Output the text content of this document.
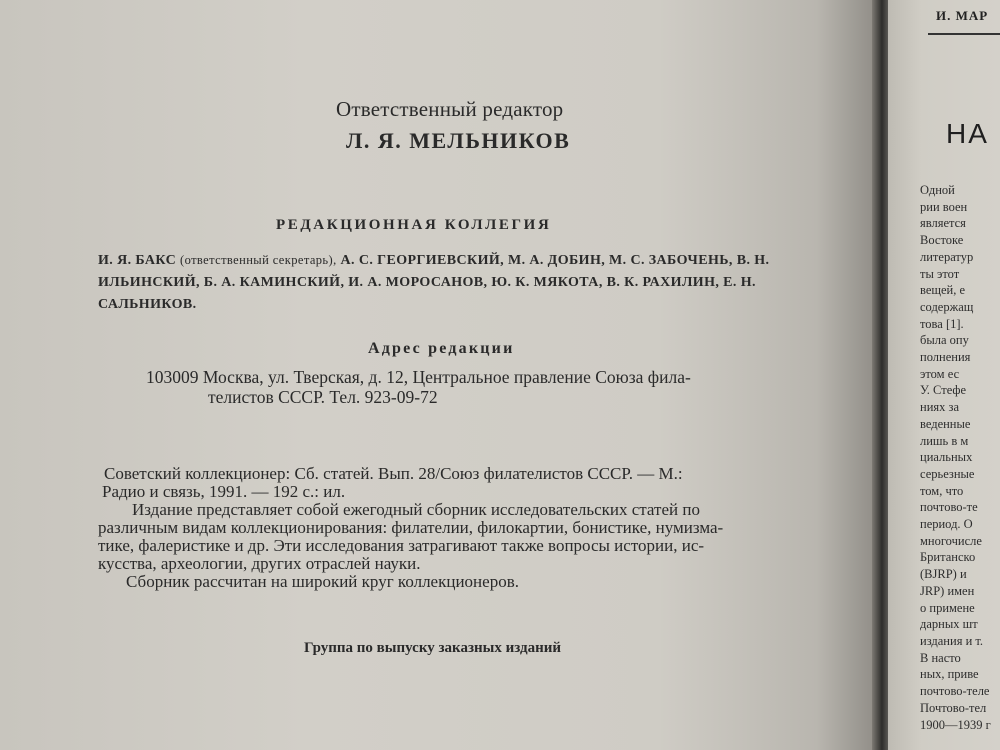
Ответственный редактор

Л. Я. МЕЛЬНИКОВ

РЕДАКЦИОННАЯ КОЛЛЕГИЯ

И. Я. БАКС (ответственный секретарь), А. С. ГЕОРГИЕВСКИЙ, М. А. ДОБИН, М. С. ЗАБОЧЕНЬ, В. Н. ИЛЬИНСКИЙ, Б. А. КАМИНСКИЙ, И. А. МОРОСАНОВ, Ю. К. МЯКОТА, В. К. РАХИЛИН, Е. Н. САЛЬНИКОВ.

Адрес редакции

103009 Москва, ул. Тверская, д. 12, Центральное правление Союза фила-

телистов СССР. Тел. 923-09-72

Советский коллекционер: Сб. статей. Вып. 28/Союз филателистов СССР. — М.:
Радио и связь, 1991. — 192 с.: ил.
Издание представляет собой ежегодный сборник исследовательских статей по
различным видам коллекционирования: филателии, филокартии, бонистике, нумизма-
тике, фалеристике и др. Эти исследования затрагивают также вопросы истории, ис-
кусства, археологии, других отраслей науки.
Сборник рассчитан на широкий круг коллекционеров.

Группа по выпуску заказных изданий

И. МАР

НА

Одной
рии воен
является
Востоке
литератур
ты этот
вещей, е
содержащ
това [1].
была опу
полнения
этом ес
У. Стефе
ниях за
веденные
лишь в м
циальных
серьезные
том, что
почтово-те
период. О
многочисле
Британско
(BJRP) и
JRP) имен
о примене
дарных шт
издания и т.
В насто
ных, приве
почтово-теле
Почтово-тел
1900—1939 г
